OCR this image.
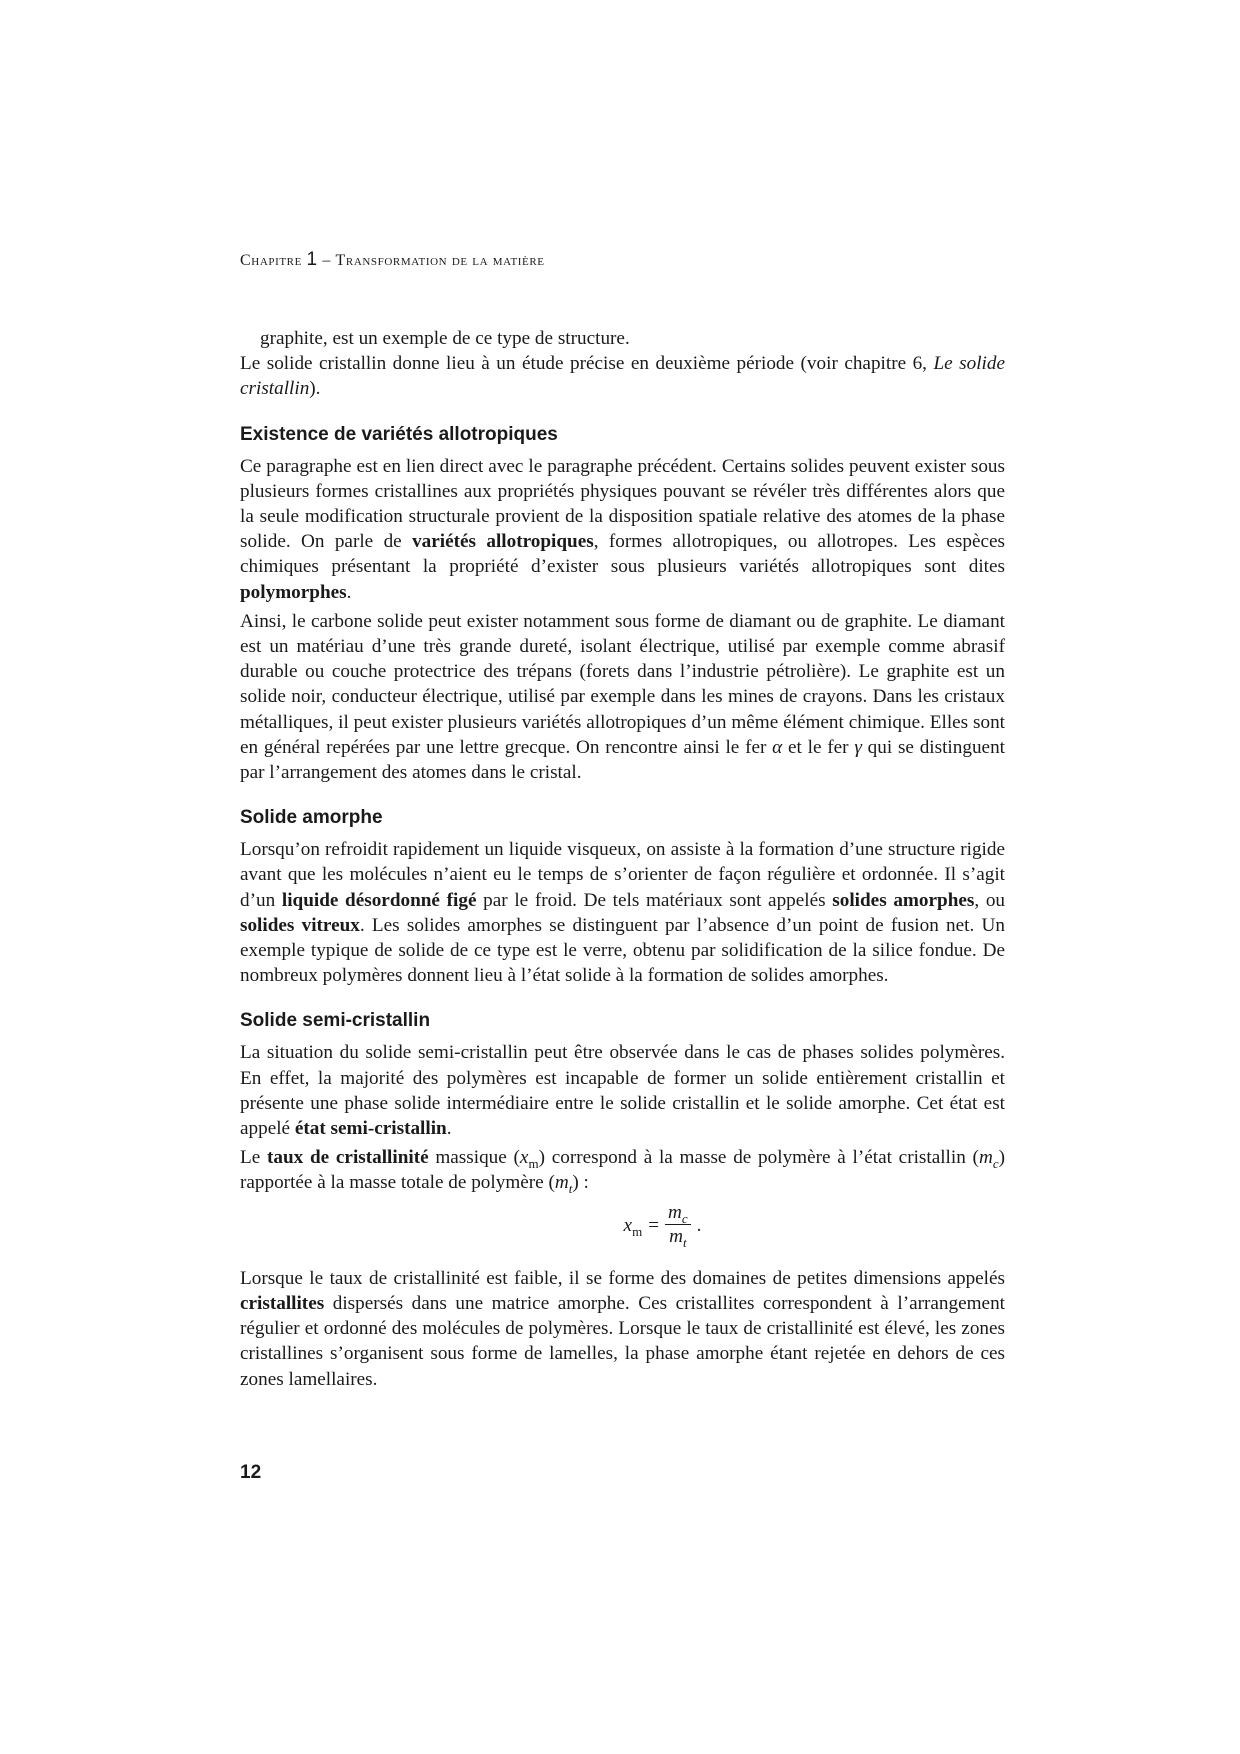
Chapitre 1 – Transformation de la matière

graphite, est un exemple de ce type de structure.

Le solide cristallin donne lieu à un étude précise en deuxième période (voir chapitre 6, Le solide cristallin).

Existence de variétés allotropiques

Ce paragraphe est en lien direct avec le paragraphe précédent. Certains solides peuvent exister sous plusieurs formes cristallines aux propriétés physiques pouvant se révéler très différentes alors que la seule modification structurale provient de la disposition spatiale relative des atomes de la phase solide. On parle de variétés allotropiques, formes allotropiques, ou allotropes. Les espèces chimiques présentant la propriété d’exister sous plusieurs variétés allotropiques sont dites polymorphes.

Ainsi, le carbone solide peut exister notamment sous forme de diamant ou de graphite. Le diamant est un matériau d’une très grande dureté, isolant électrique, utilisé par exemple comme abrasif durable ou couche protectrice des trépans (forets dans l’industrie pétrolière). Le graphite est un solide noir, conducteur électrique, utilisé par exemple dans les mines de crayons. Dans les cristaux métalliques, il peut exister plusieurs variétés allotropiques d’un même élément chimique. Elles sont en général repérées par une lettre grecque. On rencontre ainsi le fer α et le fer γ qui se distinguent par l’arrangement des atomes dans le cristal.

Solide amorphe

Lorsqu’on refroidit rapidement un liquide visqueux, on assiste à la formation d’une structure rigide avant que les molécules n’aient eu le temps de s’orienter de façon régulière et ordonnée. Il s’agit d’un liquide désordonné figé par le froid. De tels matériaux sont appelés solides amorphes, ou solides vitreux. Les solides amorphes se distinguent par l’absence d’un point de fusion net. Un exemple typique de solide de ce type est le verre, obtenu par solidification de la silice fondue. De nombreux polymères donnent lieu à l’état solide à la formation de solides amorphes.

Solide semi-cristallin

La situation du solide semi-cristallin peut être observée dans le cas de phases solides polymères. En effet, la majorité des polymères est incapable de former un solide entièrement cristallin et présente une phase solide intermédiaire entre le solide cristallin et le solide amorphe. Cet état est appelé état semi-cristallin.

Le taux de cristallinité massique $(x_m)$ correspond à la masse de polymère à l’état cristallin $(m_c)$ rapportée à la masse totale de polymère $(m_t)$ :

$x_m = \frac{m_c}{m_t}$ .

Lorsque le taux de cristallinité est faible, il se forme des domaines de petites dimensions appelés cristallites dispersés dans une matrice amorphe. Ces cristallites correspondent à l’arrangement régulier et ordonné des molécules de polymères. Lorsque le taux de cristallinité est élevé, les zones cristallines s’organisent sous forme de lamelles, la phase amorphe étant rejetée en dehors de ces zones lamellaires.

12
